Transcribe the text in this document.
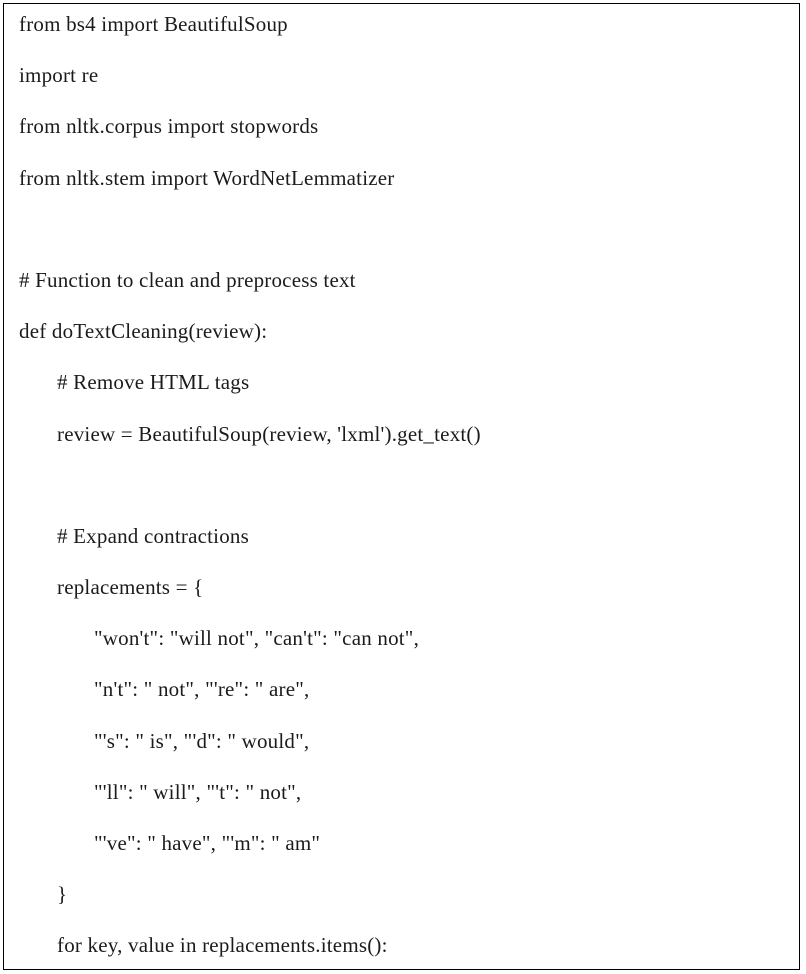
from bs4 import BeautifulSoup
import re
from nltk.corpus import stopwords
from nltk.stem import WordNetLemmatizer
# Function to clean and preprocess text
def doTextCleaning(review):
# Remove HTML tags
review = BeautifulSoup(review, 'lxml').get_text()
# Expand contractions
replacements = {
"won't": "will not", "can't": "can not",
"n't": " not", "'re": " are",
"'s": " is", "'d": " would",
"'ll": " will", "'t": " not",
"'ve": " have", "'m": " am"
}
for key, value in replacements.items():
